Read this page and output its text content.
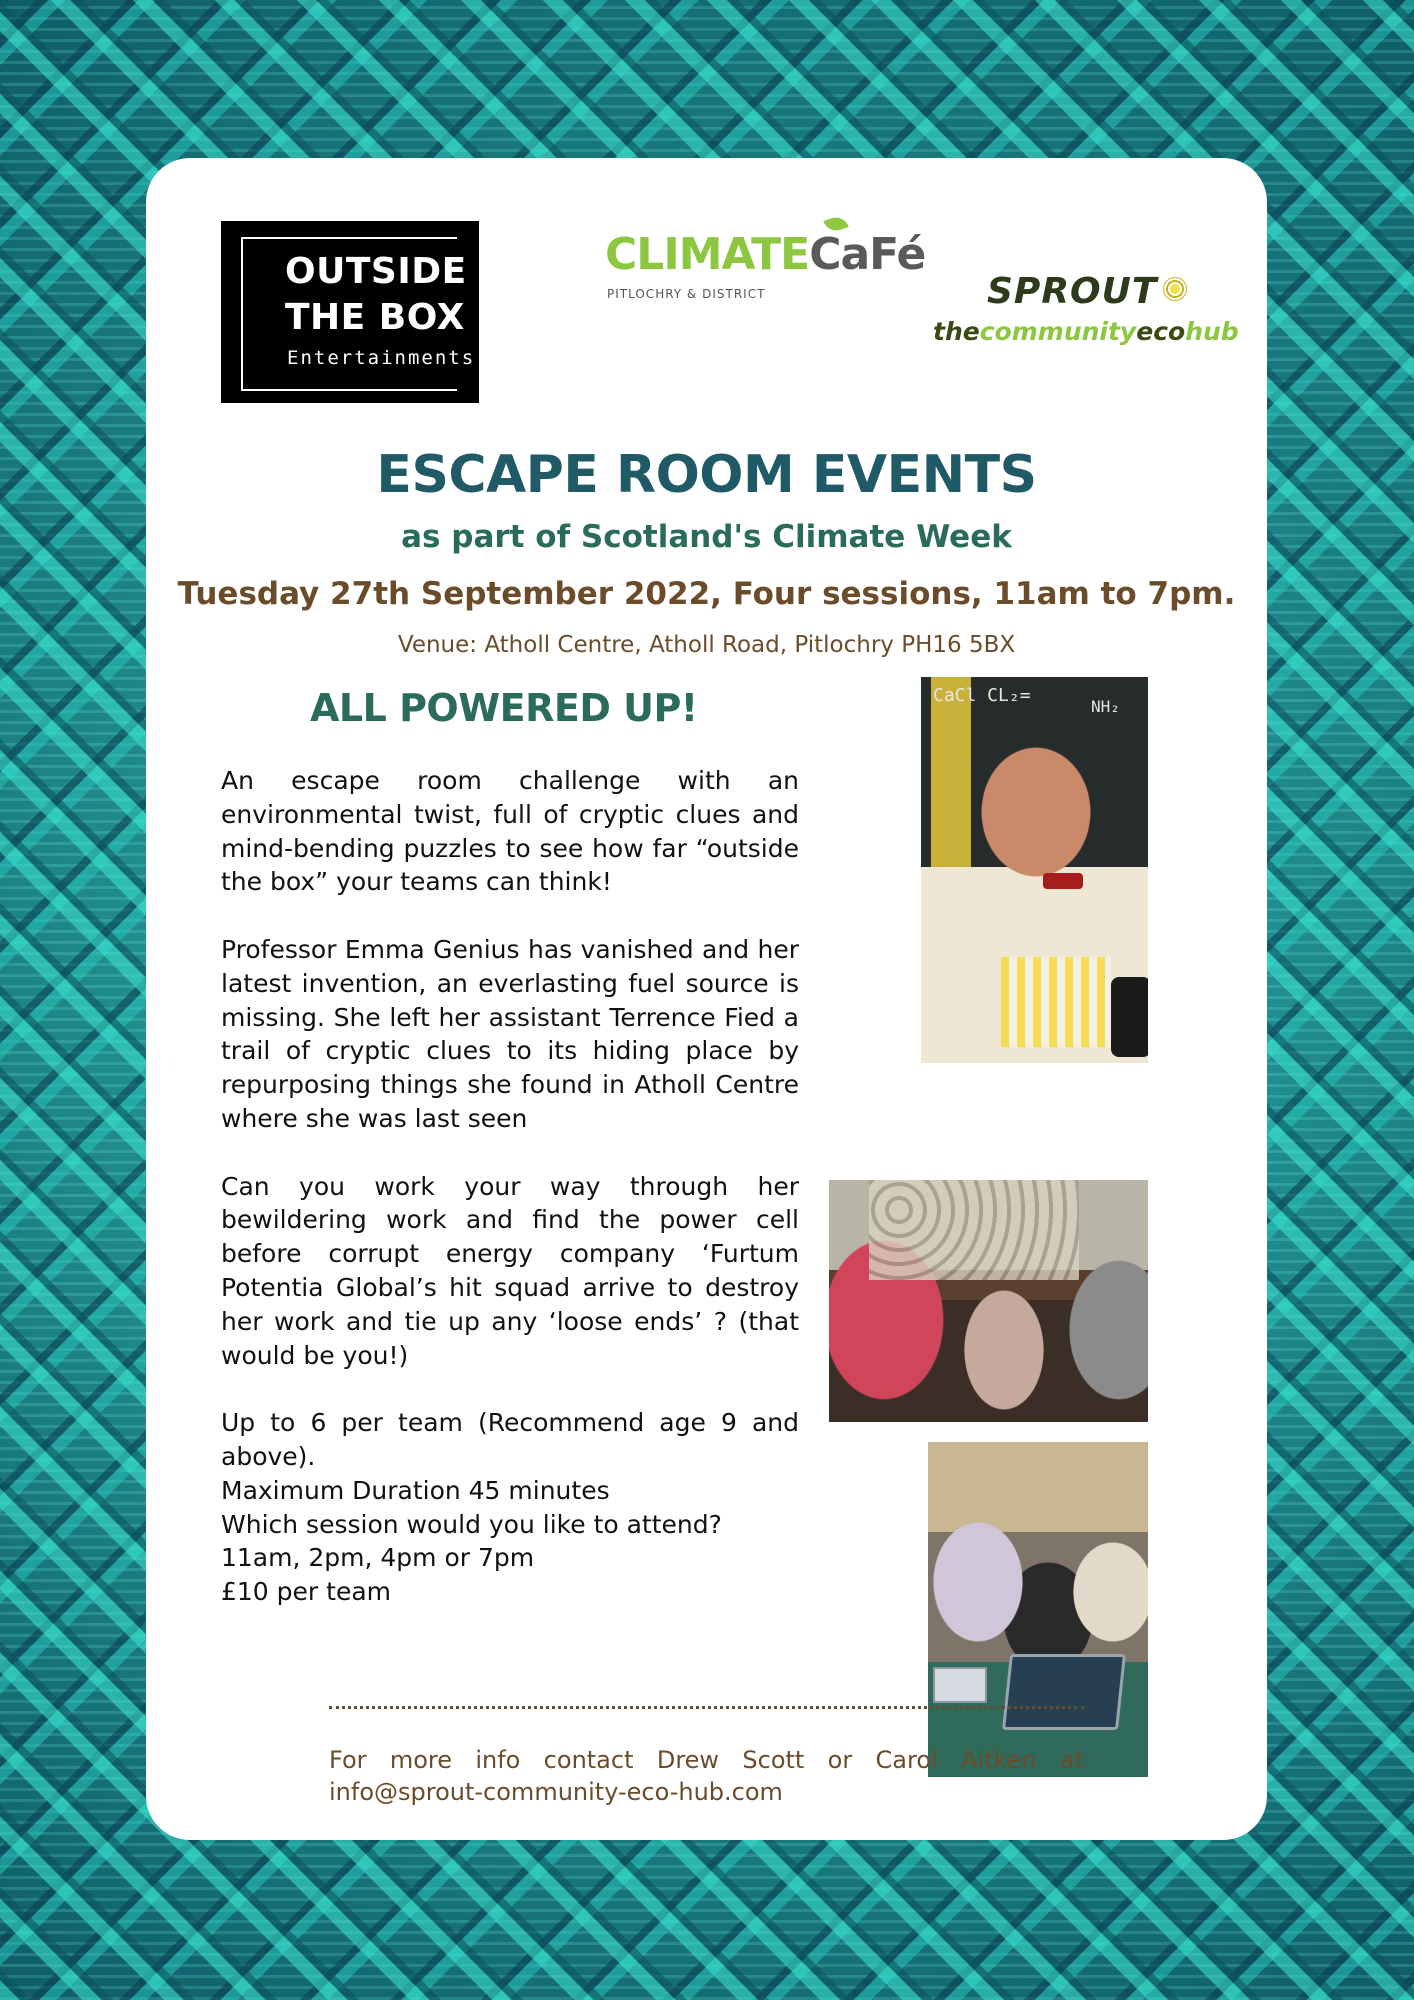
OUTSIDE
THE BOX
Entertainments
CLIMATECaFé
PITLOCHRY & DISTRICT	SPROUT
thecommunityecohub
ESCAPE ROOM EVENTS
as part of Scotland's Climate Week
Tuesday 27th September 2022, Four sessions, 11am to 7pm.
Venue: Atholl Centre, Atholl Road, Pitlochry PH16 5BX
ALL POWERED UP!

An escape room challenge with an environmental twist, full of cryptic clues and mind-bending puzzles to see how far “outside the box” your teams can think!

Professor Emma Genius has vanished and her latest invention, an everlasting fuel source is missing. She left her assistant Terrence Fied a trail of cryptic clues to its hiding place by repurposing things she found in Atholl Centre where she was last seen

Can you work your way through her bewildering work and find the power cell before corrupt energy company ‘Furtum Potentia Global’s hit squad arrive to destroy her work and tie up any ‘loose ends’ ? (that would be you!)

Up to 6 per team (Recommend age 9 and above).
Maximum Duration 45 minutes
Which session would you like to attend?
11am, 2pm, 4pm or 7pm
£10 per team
CaCl CL₂=
NH₂
For more info contact Drew Scott or Carol Aitken at info@sprout-community-eco-hub.com
